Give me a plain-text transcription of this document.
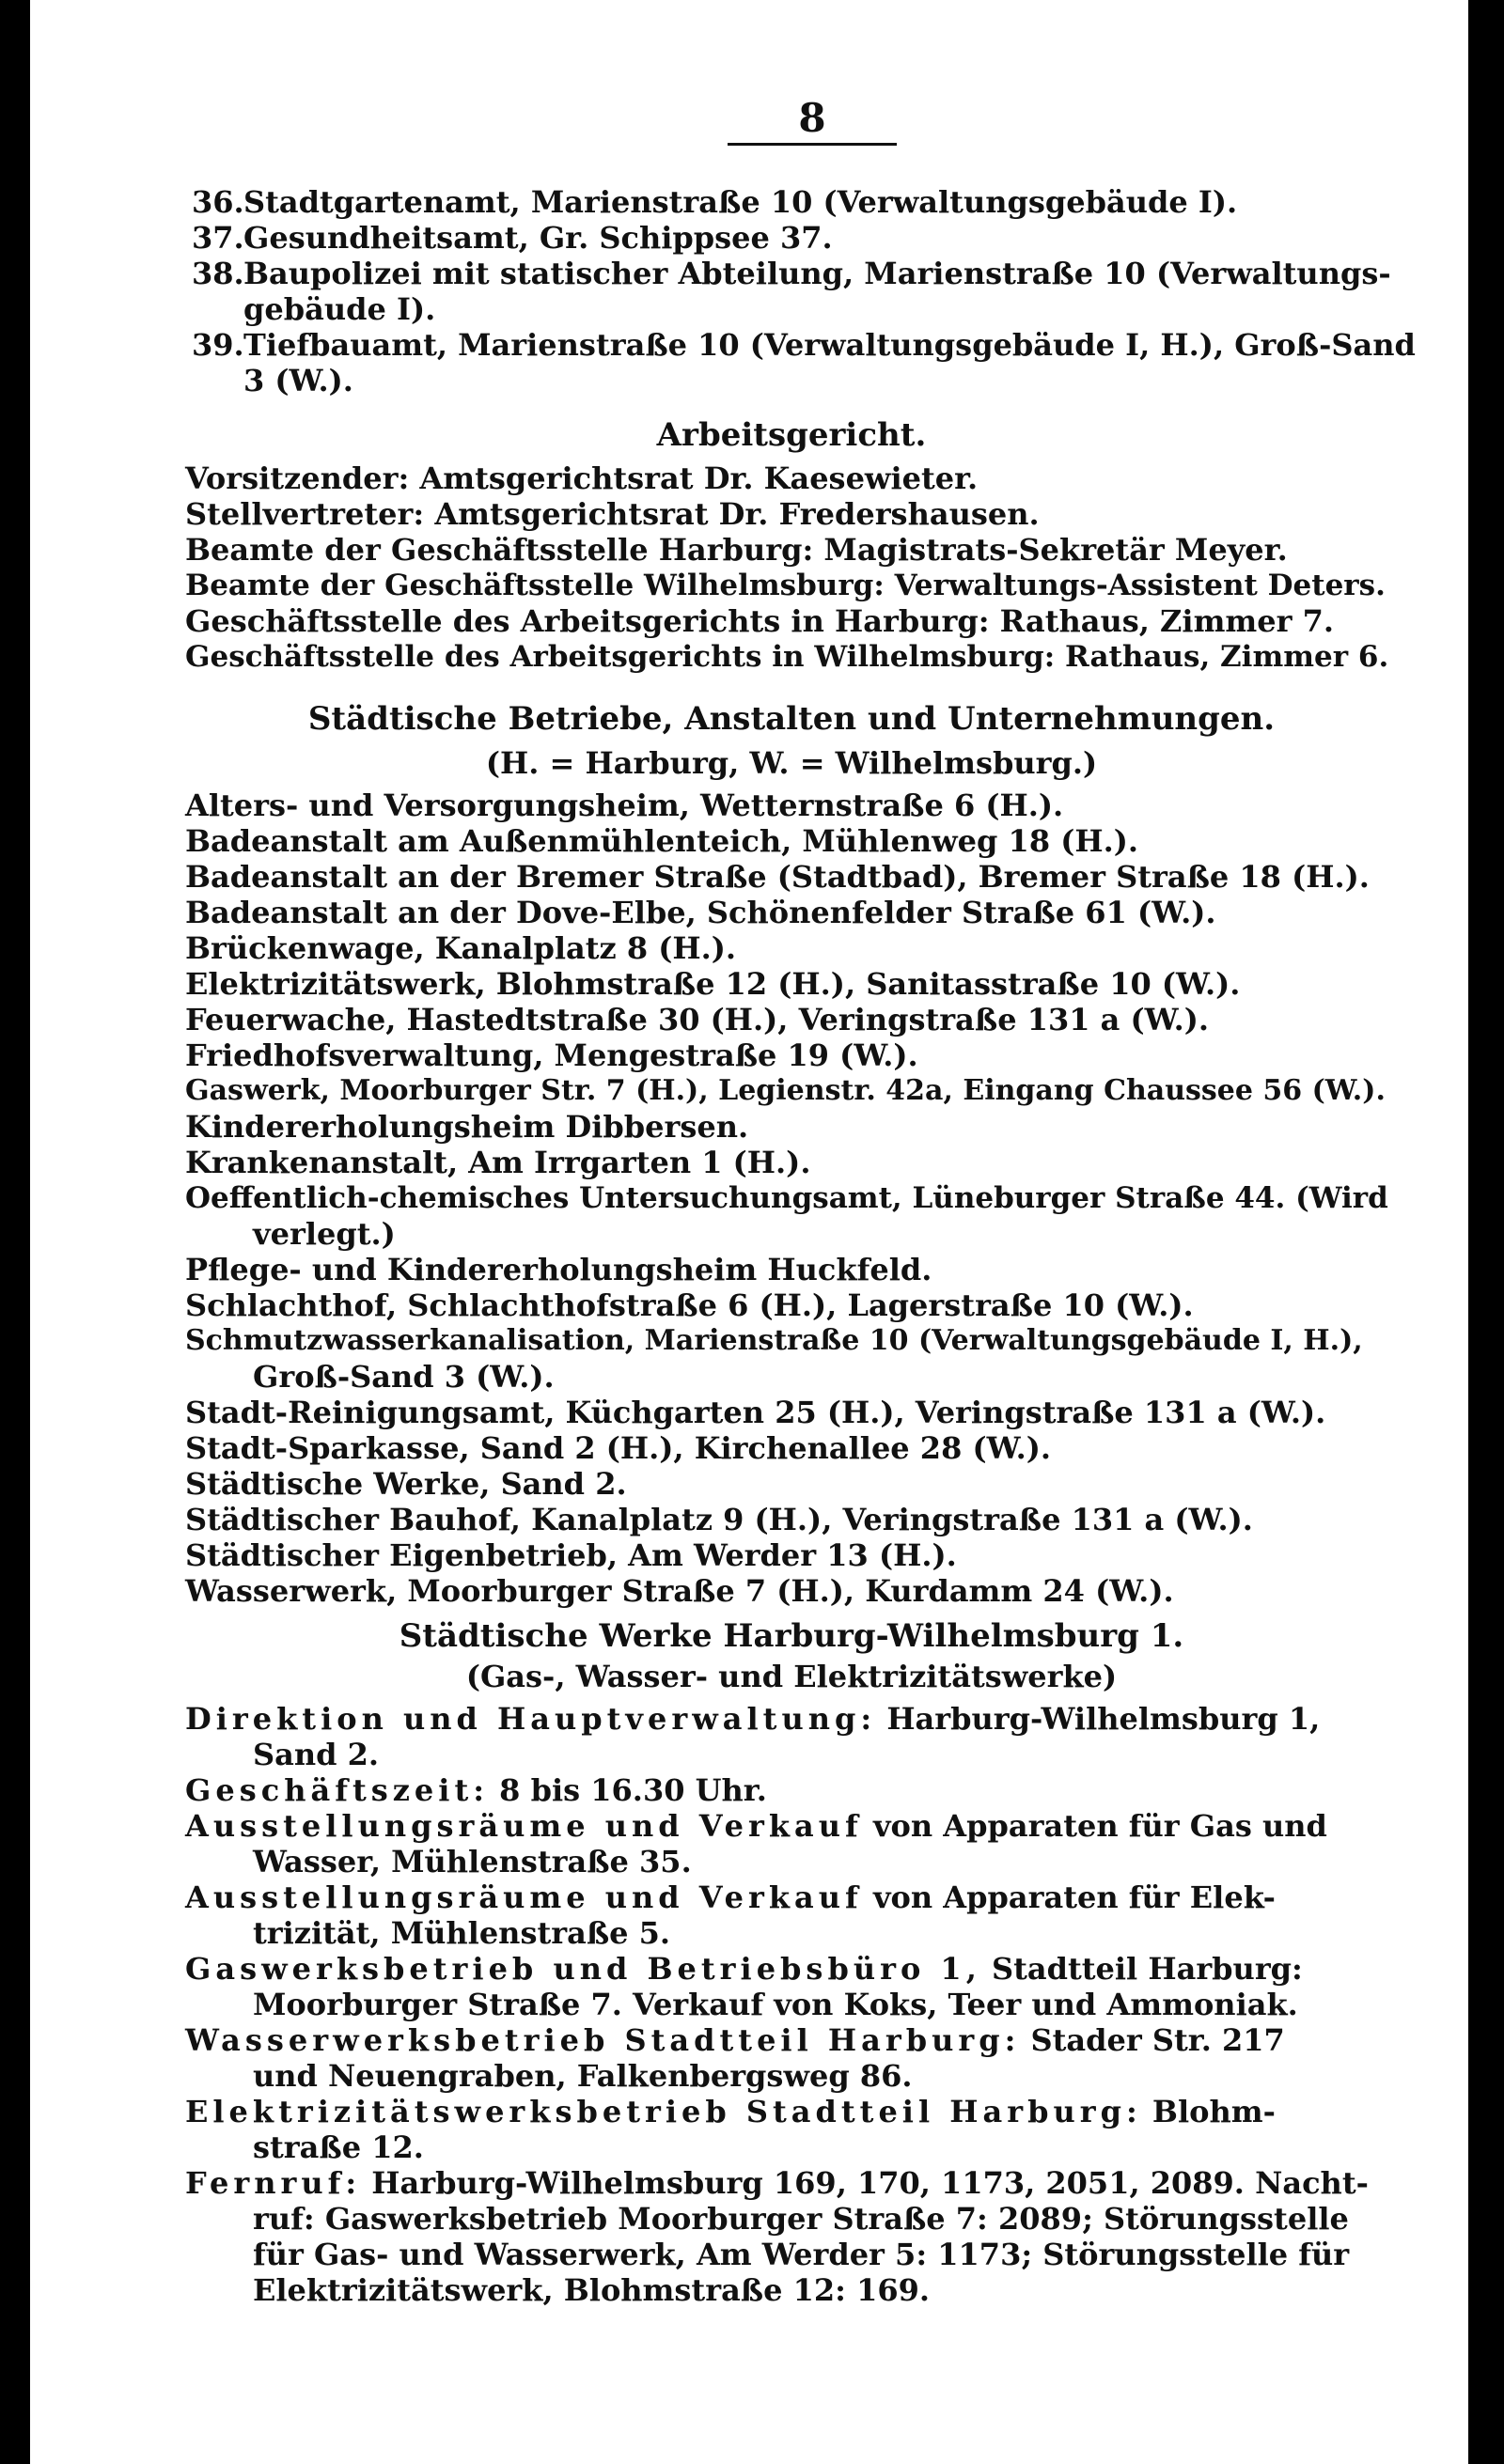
8
36.Stadtgartenamt, Marienstraße 10 (Verwaltungsgebäude I).
37.Gesundheitsamt, Gr. Schippsee 37.
38.Baupolizei mit statischer Abteilung, Marienstraße 10 (Verwaltungs-gebäude I).
39.Tiefbauamt, Marienstraße 10 (Verwaltungsgebäude I, H.), Groß-Sand 3 (W.).
Arbeitsgericht.
Vorsitzender: Amtsgerichtsrat Dr. Kaesewieter.
Stellvertreter: Amtsgerichtsrat Dr. Fredershausen.
Beamte der Geschäftsstelle Harburg: Magistrats-Sekretär Meyer.
Beamte der Geschäftsstelle Wilhelmsburg: Verwaltungs-Assistent Deters.
Geschäftsstelle des Arbeitsgerichts in Harburg: Rathaus, Zimmer 7.
Geschäftsstelle des Arbeitsgerichts in Wilhelmsburg: Rathaus, Zimmer 6.
Städtische Betriebe, Anstalten und Unternehmungen.
(H. = Harburg, W. = Wilhelmsburg.)
Alters- und Versorgungsheim, Wetternstraße 6 (H.).
Badeanstalt am Außenmühlenteich, Mühlenweg 18 (H.).
Badeanstalt an der Bremer Straße (Stadtbad), Bremer Straße 18 (H.).
Badeanstalt an der Dove-Elbe, Schönenfelder Straße 61 (W.).
Brückenwage, Kanalplatz 8 (H.).
Elektrizitätswerk, Blohmstraße 12 (H.), Sanitasstraße 10 (W.).
Feuerwache, Hastedtstraße 30 (H.), Veringstraße 131 a (W.).
Friedhofsverwaltung, Mengestraße 19 (W.).
Gaswerk, Moorburger Str. 7 (H.), Legienstr. 42a, Eingang Chaussee 56 (W.).
Kindererholungsheim Dibbersen.
Krankenanstalt, Am Irrgarten 1 (H.).
Oeffentlich-chemisches Untersuchungsamt, Lüneburger Straße 44. (Wird
verlegt.)
Pflege- und Kindererholungsheim Huckfeld.
Schlachthof, Schlachthofstraße 6 (H.), Lagerstraße 10 (W.).
Schmutzwasserkanalisation, Marienstraße 10 (Verwaltungsgebäude I, H.),
Groß-Sand 3 (W.).
Stadt-Reinigungsamt, Küchgarten 25 (H.), Veringstraße 131 a (W.).
Stadt-Sparkasse, Sand 2 (H.), Kirchenallee 28 (W.).
Städtische Werke, Sand 2.
Städtischer Bauhof, Kanalplatz 9 (H.), Veringstraße 131 a (W.).
Städtischer Eigenbetrieb, Am Werder 13 (H.).
Wasserwerk, Moorburger Straße 7 (H.), Kurdamm 24 (W.).
Städtische Werke Harburg-Wilhelmsburg 1.
(Gas-, Wasser- und Elektrizitätswerke)
Direktion und Hauptverwaltung: Harburg-Wilhelmsburg 1,
Sand 2.
Geschäftszeit: 8 bis 16.30 Uhr.
Ausstellungsräume und Verkauf von Apparaten für Gas und
Wasser, Mühlenstraße 35.
Ausstellungsräume und Verkauf von Apparaten für Elek-
trizität, Mühlenstraße 5.
Gaswerksbetrieb und Betriebsbüro 1, Stadtteil Harburg:
Moorburger Straße 7. Verkauf von Koks, Teer und Ammoniak.
Wasserwerksbetrieb Stadtteil Harburg: Stader Str. 217
und Neuengraben, Falkenbergsweg 86.
Elektrizitätswerksbetrieb Stadtteil Harburg: Blohm-
straße 12.
Fernruf: Harburg-Wilhelmsburg 169, 170, 1173, 2051, 2089. Nacht-
ruf: Gaswerksbetrieb Moorburger Straße 7: 2089; Störungsstelle
für Gas- und Wasserwerk, Am Werder 5: 1173; Störungsstelle für
Elektrizitätswerk, Blohmstraße 12: 169.
